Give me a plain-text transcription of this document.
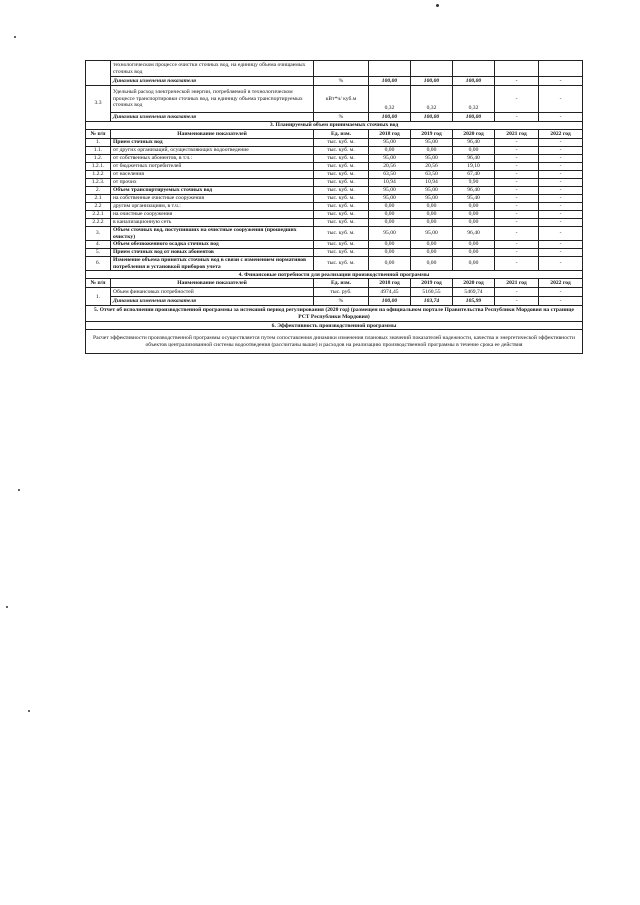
	технологическом процессе очистки сточных вод, на единицу объема очищаемых сточных вод						
	Динамика изменения показателя	%	100,00	100,00	100,00	-	-
3.3	Удельный расход электрической энергии, потребляемой в технологическом процессе транспортировки сточных вод, на единицу объема транспортируемых сточных вод	кВт*ч/ куб.м	0,32	0,32	0,32	-	-
	Динамика изменения показателя	%	100,00	100,00	100,00	-	-
3. Планируемый объем принимаемых сточных вод							
№ п/п	Наименование показателей	Ед. изм.	2018 год	2019 год	2020 год	2021 год	2022 год
1.	Прием сточных вод	тыс. куб. м.	95,00	95,00	96,40	-	-
1.1.	от других организаций, осуществляющих водоотведение	тыс. куб. м.	0,00	0,00	0,00	-	-
1.2.	от собственных абонентов, в т.ч.:	тыс. куб. м.	95,00	95,00	96,40	-	-
1.2.1.	от бюджетных потребителей	тыс. куб. м.	20,56	20,56	19,10	-	-
1.2.2	от населения	тыс. куб. м.	63,50	63,50	67,40	-	-
1.2.3.	от прочих	тыс. куб. м.	10,94	10,94	9,90	-	-
2.	Объем транспортируемых сточных вод	тыс. куб. м.	95,00	95,00	96,40	-	-
2.1	на собственные очистные сооружения	тыс. куб. м.	95,00	95,00	95,40	-	-
2.2	другим организациям, в т.ч.:	тыс. куб. м.	0,00	0,00	0,00	-	-
2.2.1	на очистные сооружения	тыс. куб. м.	0,00	0,00	0,00	-	-
2.2.2	в канализационную сеть	тыс. куб. м.	0,00	0,00	0,00	-	-
3.	Объем сточных вод, поступивших на очистные сооружения (прошедших очистку)	тыс. куб. м.	95,00	95,00	96,40	-	-
4.	Объем обезвоженного осадка сточных вод	тыс. куб. м.	0,00	0,00	0,00	-	-
5.	Прием сточных вод от новых абонентов	тыс. куб. м.	0,00	0,00	0,00	-	-
6.	Изменение объема принятых сточных вод в связи с изменением нормативов потребления и установкой приборов учета	тыс. куб. м.	0,00	0,00	0,00	-	-
4. Финансовые потребности для реализации производственной программы							
№ п/п	Наименование показателей	Ед. изм.	2018 год	2019 год	2020 год	2021 год	2022 год
1.	Объем финансовых потребностей	тыс. руб.	4974,45	5160,55	5469,74	-	-
	Динамика изменения показателя	%	100,00	103,74	105,99	-	-
5. Отчет об исполнении производственной программы за истекший период регулирования (2020 год) (размещен на официальном портале Правительства Республики Мордовия на странице РСТ Республики Мордовия)							
6. Эффективность производственной программы							
Расчет эффективности производственной программы осуществляется путем сопоставления динамики изменения плановых значений показателей надежности, качества и энергетической эффективности объектов централизованной системы водоотведения (рассчитаны выше) и расходов на реализацию производственной программы в течение срока ее действия							
